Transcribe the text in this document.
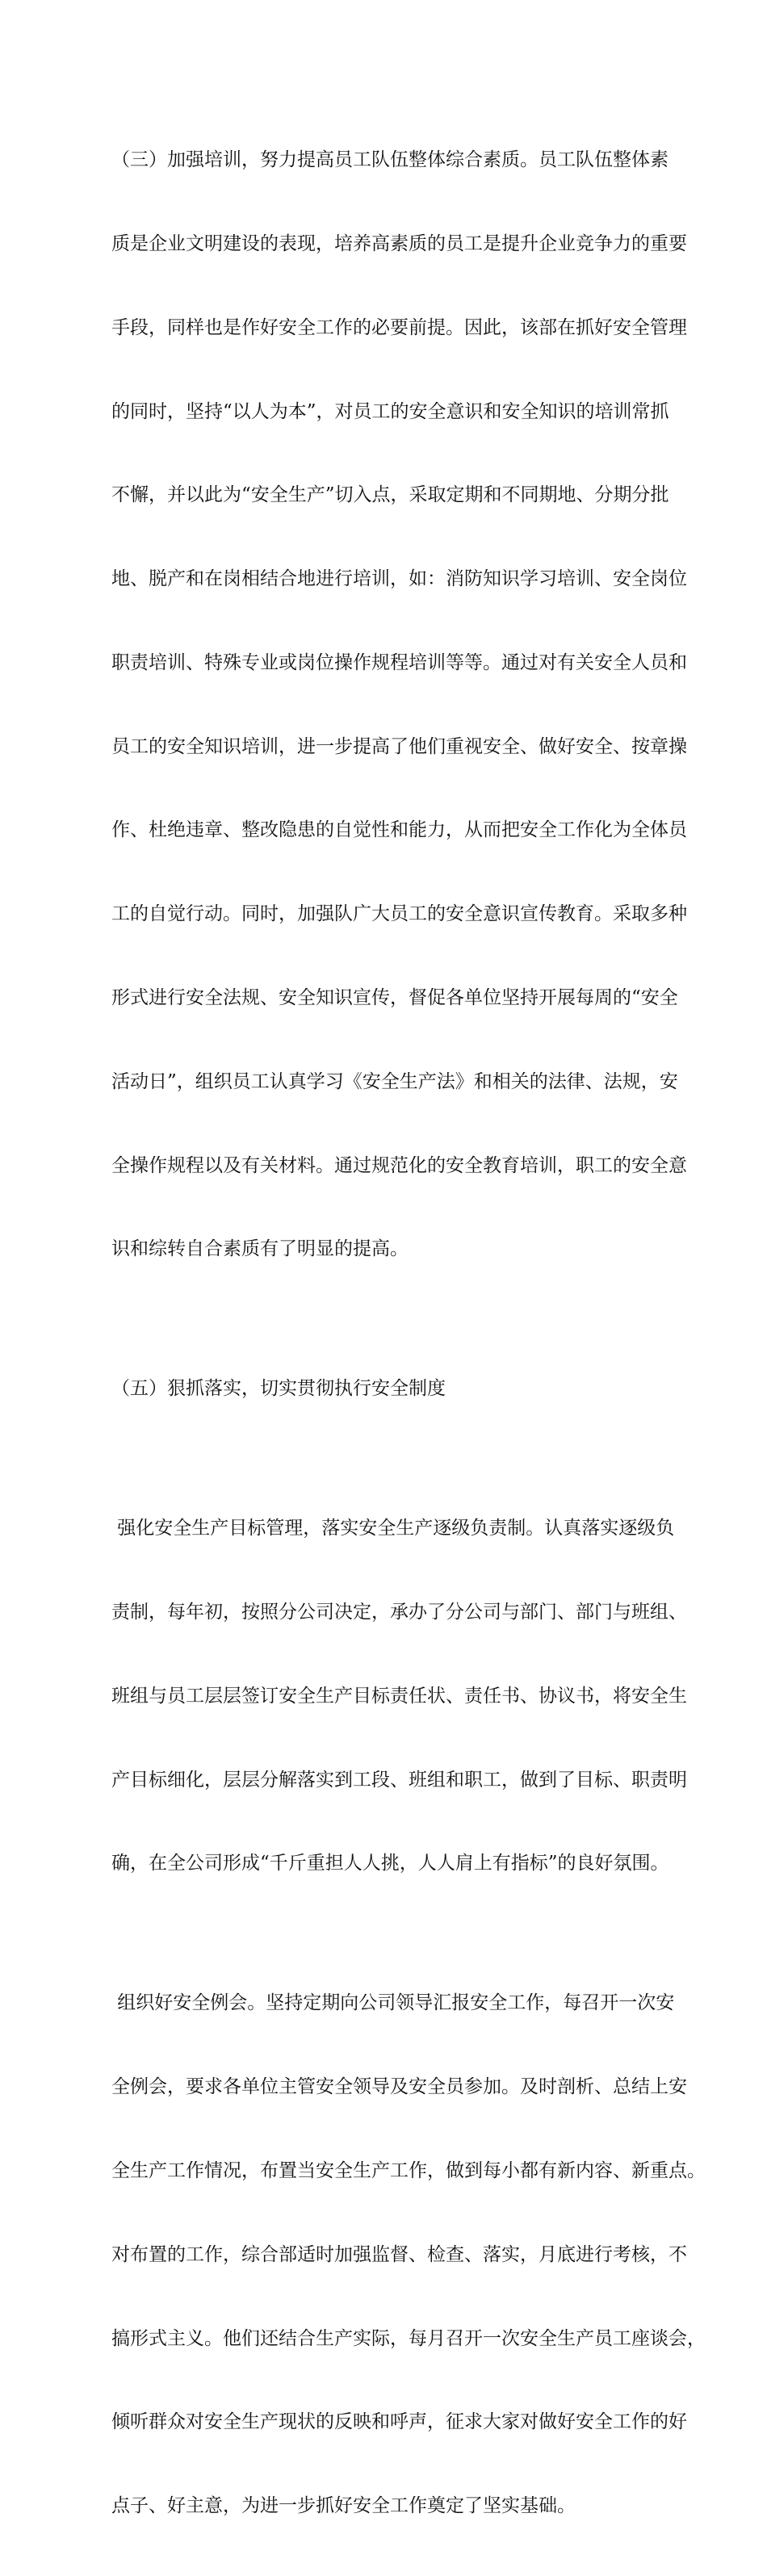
（三）加强培训，努力提高员工队伍整体综合素质。员工队伍整体素

质是企业文明建设的表现，培养高素质的员工是提升企业竞争力的重要

手段，同样也是作好安全工作的必要前提。因此，该部在抓好安全管理

的同时，坚持“以人为本”，对员工的安全意识和安全知识的培训常抓

不懈，并以此为“安全生产”切入点，采取定期和不同期地、分期分批

地、脱产和在岗相结合地进行培训，如：消防知识学习培训、安全岗位

职责培训、特殊专业或岗位操作规程培训等等。通过对有关安全人员和

员工的安全知识培训，进一步提高了他们重视安全、做好安全、按章操

作、杜绝违章、整改隐患的自觉性和能力，从而把安全工作化为全体员

工的自觉行动。同时，加强队广大员工的安全意识宣传教育。采取多种

形式进行安全法规、安全知识宣传，督促各单位坚持开展每周的“安全

活动日”，组织员工认真学习《安全生产法》和相关的法律、法规，安

全操作规程以及有关材料。通过规范化的安全教育培训，职工的安全意

识和综转自合素质有了明显的提高。

（五）狠抓落实，切实贯彻执行安全制度

强化安全生产目标管理，落实安全生产逐级负责制。认真落实逐级负

责制，每年初，按照分公司决定，承办了分公司与部门、部门与班组、

班组与员工层层签订安全生产目标责任状、责任书、协议书，将安全生

产目标细化，层层分解落实到工段、班组和职工，做到了目标、职责明

确，在全公司形成“千斤重担人人挑，人人肩上有指标”的良好氛围。

组织好安全例会。坚持定期向公司领导汇报安全工作，每召开一次安

全例会，要求各单位主管安全领导及安全员参加。及时剖析、总结上安

全生产工作情况，布置当安全生产工作，做到每小都有新内容、新重点。

对布置的工作，综合部适时加强监督、检查、落实，月底进行考核，不

搞形式主义。他们还结合生产实际，每月召开一次安全生产员工座谈会，

倾听群众对安全生产现状的反映和呼声，征求大家对做好安全工作的好

点子、好主意，为进一步抓好安全工作奠定了坚实基础。
